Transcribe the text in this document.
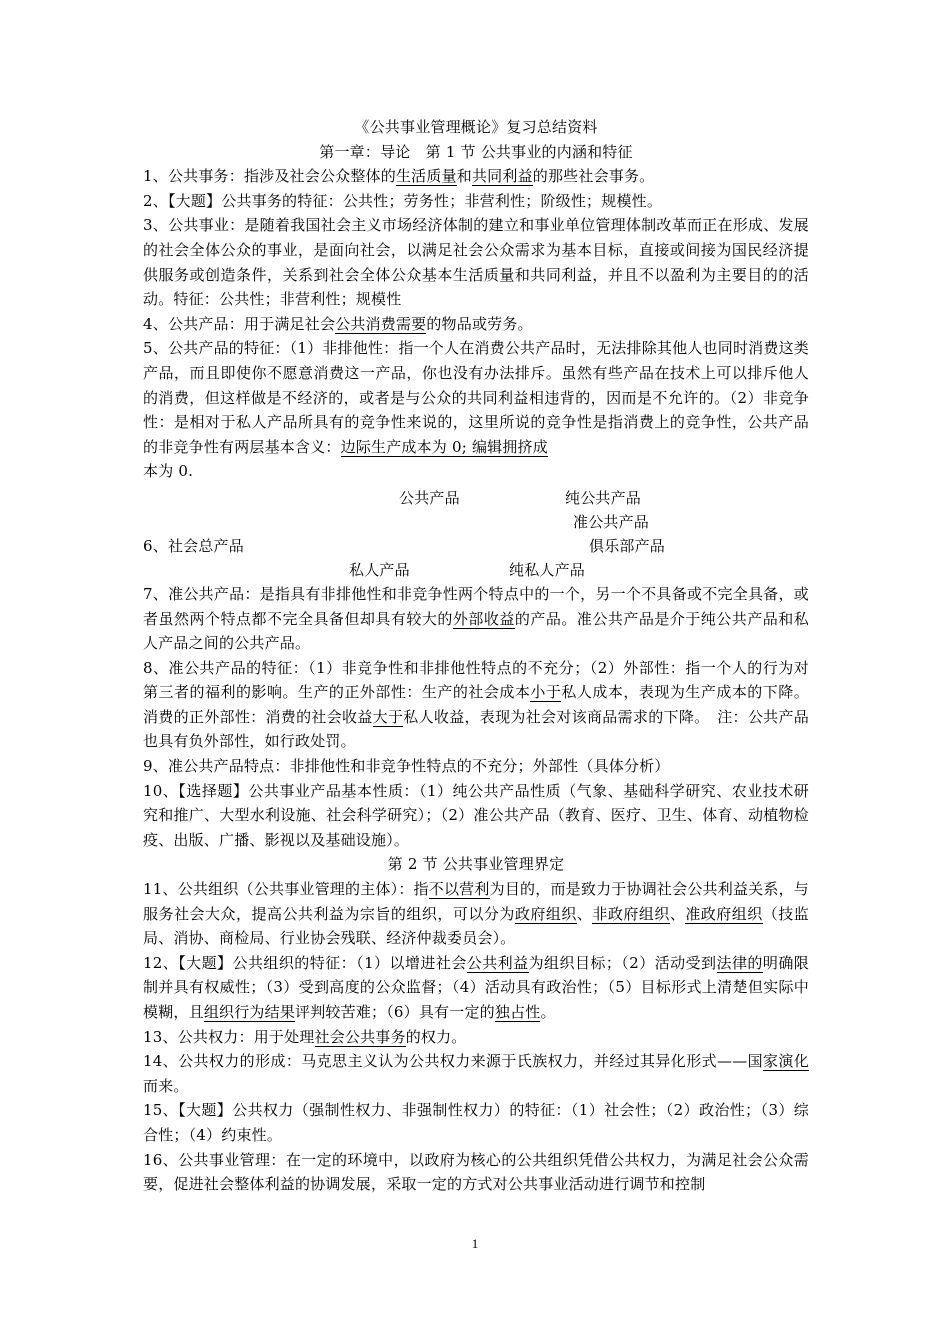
《公共事业管理概论》复习总结资料
第一章：导论　第 1 节 公共事业的内涵和特征

1、公共事务：指涉及社会公众整体的生活质量和共同利益的那些社会事务。

2、【大题】公共事务的特征：公共性；劳务性；非营利性；阶级性；规模性。

3、公共事业：是随着我国社会主义市场经济体制的建立和事业单位管理体制改革而正在形成、发展的社会全体公众的事业，是面向社会，以满足社会公众需求为基本目标，直接或间接为国民经济提供服务或创造条件，关系到社会全体公众基本生活质量和共同利益，并且不以盈利为主要目的的活动。特征：公共性；非营利性；规模性

4、公共产品：用于满足社会公共消费需要的物品或劳务。

5、公共产品的特征：（1）非排他性：指一个人在消费公共产品时，无法排除其他人也同时消费这类产品，而且即使你不愿意消费这一产品，你也没有办法排斥。虽然有些产品在技术上可以排斥他人的消费，但这样做是不经济的，或者是与公众的共同利益相违背的，因而是不允许的。（2）非竞争性：是相对于私人产品所具有的竞争性来说的，这里所说的竞争性是指消费上的竞争性，公共产品的非竞争性有两层基本含义：边际生产成本为 0; 编辑拥挤成
本为 0.

公共产品	纯公共产品
准公共产品
6、社会总产品	俱乐部产品
私人产品	纯私人产品

7、准公共产品：是指具有非排他性和非竞争性两个特点中的一个，另一个不具备或不完全具备，或者虽然两个特点都不完全具备但却具有较大的外部收益的产品。准公共产品是介于纯公共产品和私人产品之间的公共产品。

8、准公共产品的特征：（1）非竞争性和非排他性特点的不充分；（2）外部性：指一个人的行为对第三者的福利的影响。生产的正外部性：生产的社会成本小于私人成本，表现为生产成本的下降。消费的正外部性：消费的社会收益大于私人收益，表现为社会对该商品需求的下降。　注：公共产品也具有负外部性，如行政处罚。

9、准公共产品特点：非排他性和非竞争性特点的不充分；外部性（具体分析）

10、【选择题】公共事业产品基本性质：（1）纯公共产品性质（气象、基础科学研究、农业技术研究和推广、大型水利设施、社会科学研究）；（2）准公共产品（教育、医疗、卫生、体育、动植物检疫、出版、广播、影视以及基础设施）。

第 2 节 公共事业管理界定

11、公共组织（公共事业管理的主体）：指不以营利为目的，而是致力于协调社会公共利益关系，与服务社会大众，提高公共利益为宗旨的组织，可以分为政府组织、非政府组织、准政府组织（技监局、消协、商检局、行业协会残联、经济仲裁委员会）。

12、【大题】公共组织的特征：（1）以增进社会公共利益为组织目标；（2）活动受到法律的明确限制并具有权威性；（3）受到高度的公众监督；（4）活动具有政治性；（5）目标形式上清楚但实际中模糊，且组织行为结果评判较苦难；（6）具有一定的独占性。

13、公共权力：用于处理社会公共事务的权力。

14、公共权力的形成：马克思主义认为公共权力来源于氏族权力，并经过其异化形式——国家演化而来。

15、【大题】公共权力（强制性权力、非强制性权力）的特征：（1）社会性；（2）政治性；（3）综合性；（4）约束性。

16、公共事业管理：在一定的环境中，以政府为核心的公共组织凭借公共权力，为满足社会公众需要，促进社会整体利益的协调发展，采取一定的方式对公共事业活动进行调节和控制

1
